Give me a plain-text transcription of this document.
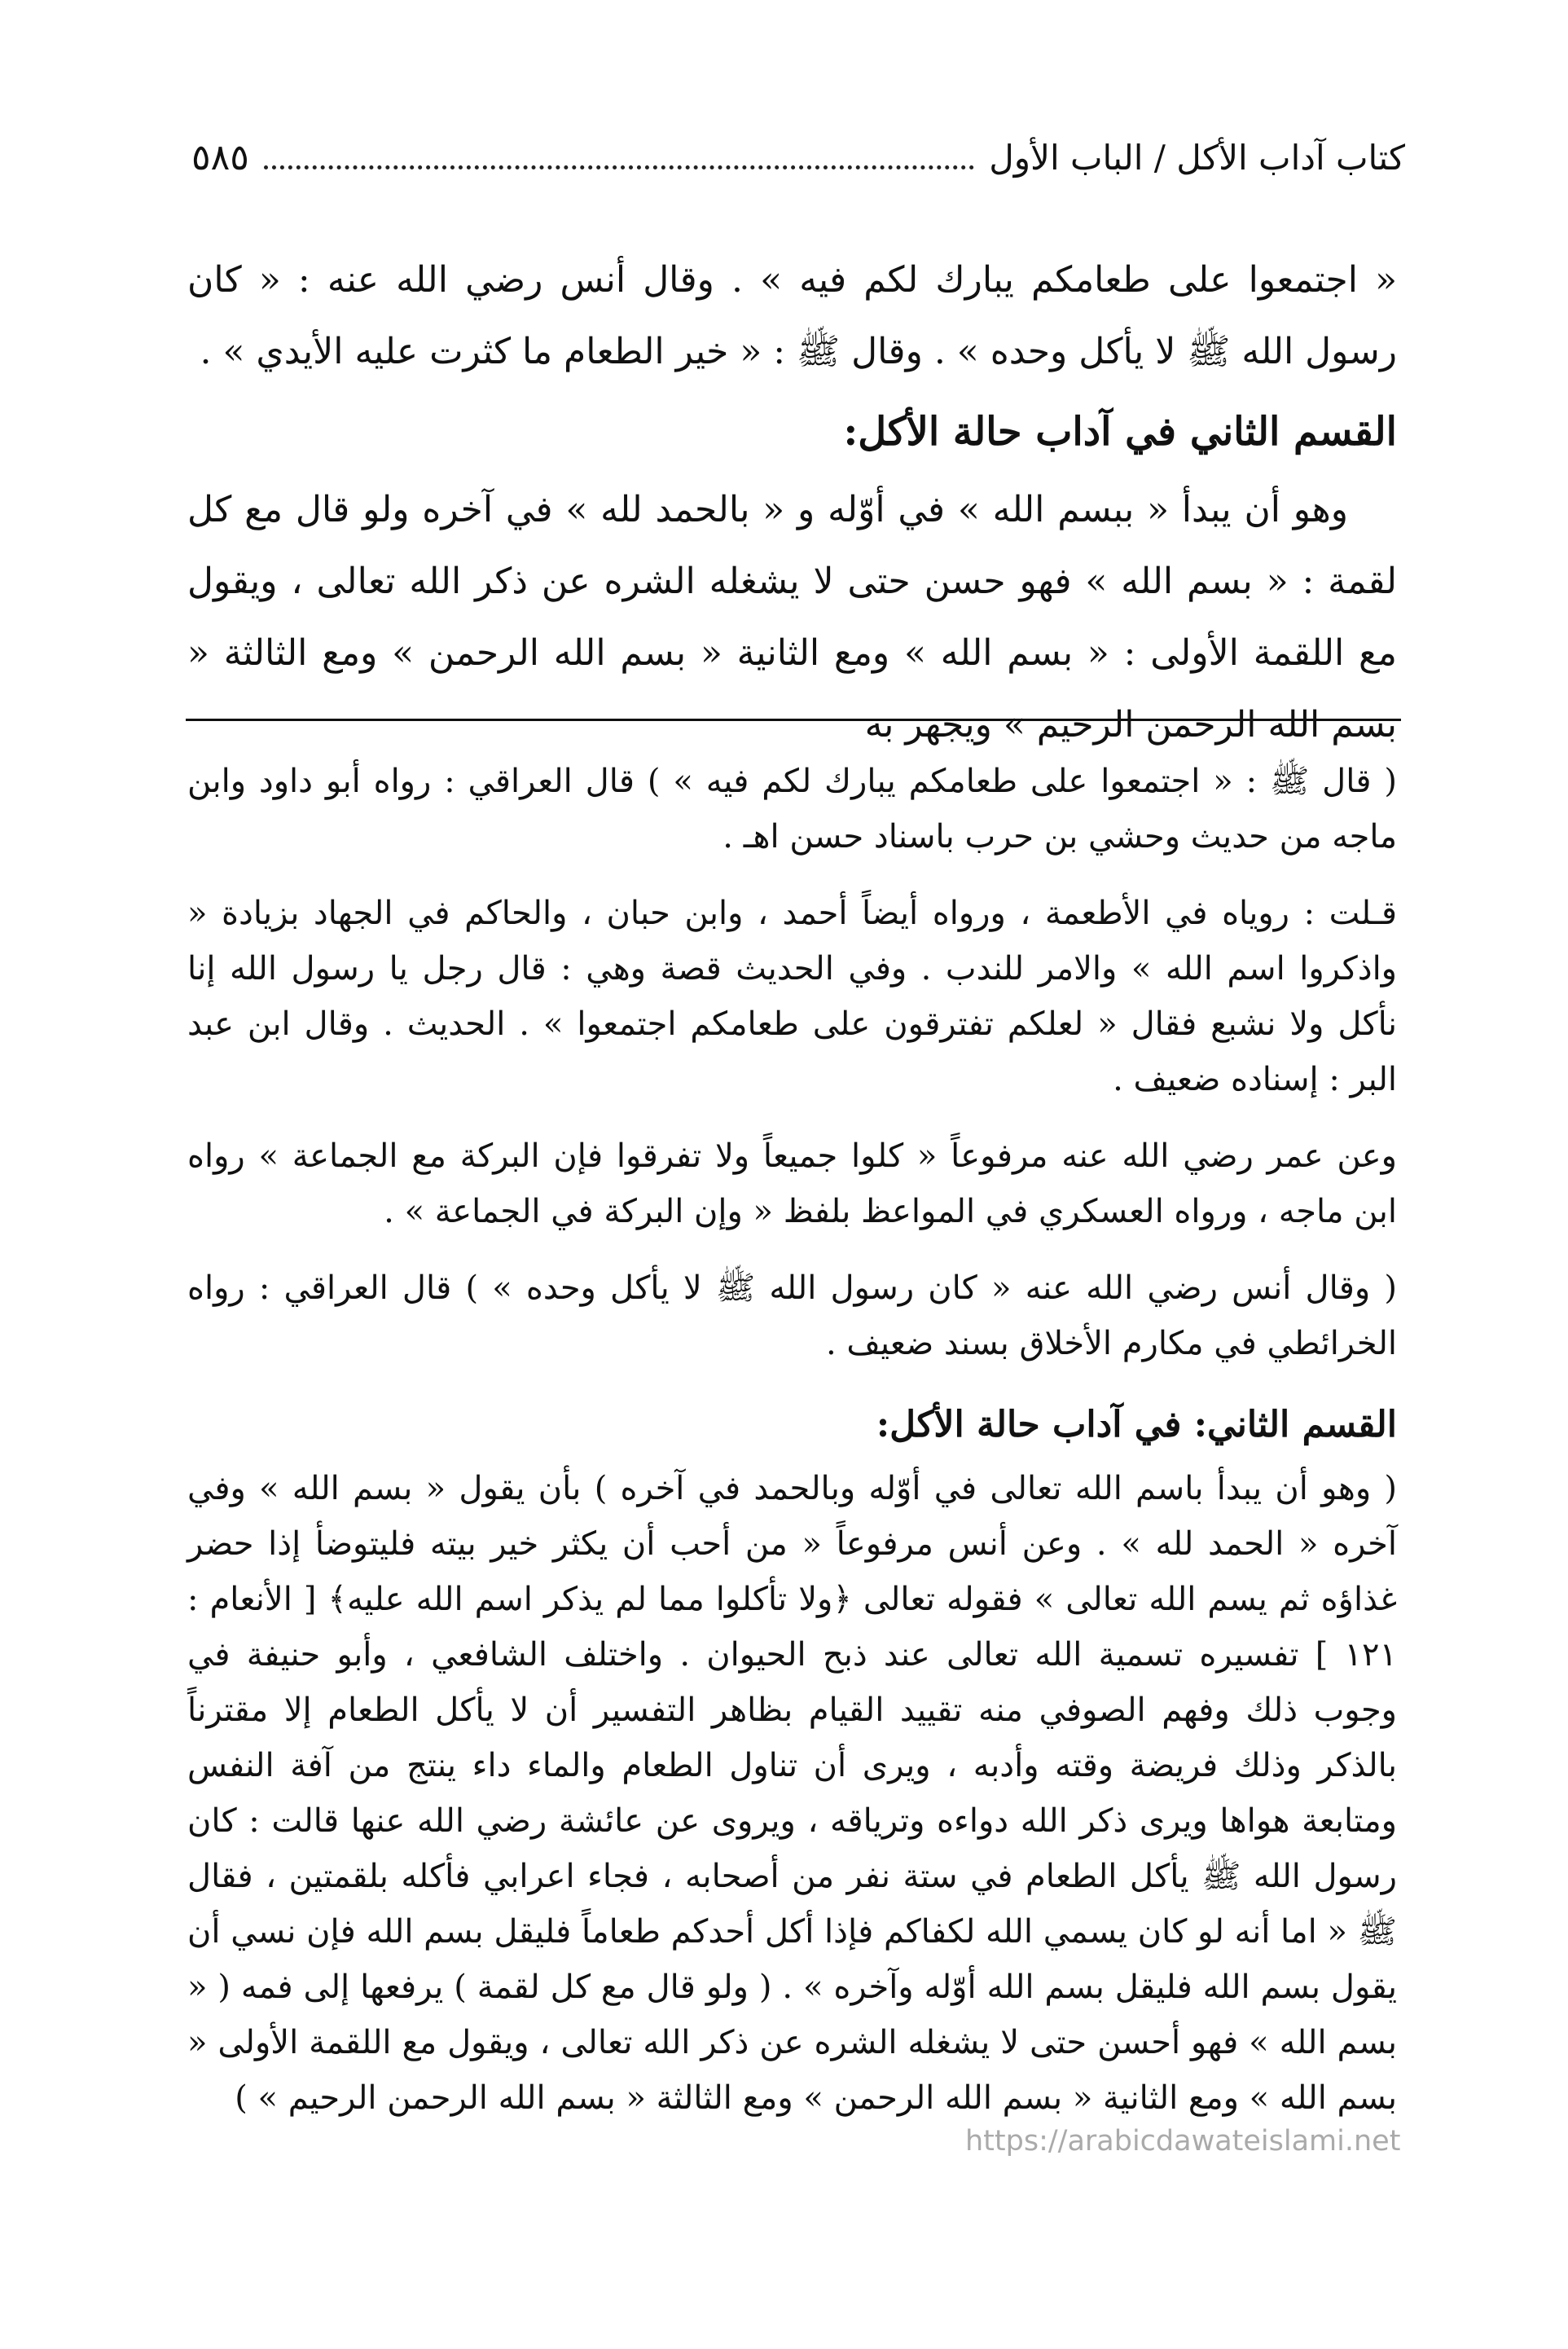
كتاب آداب الأكل / الباب الأول
٥٨٥

« اجتمعوا على طعامكم يبارك لكم فيه » . وقال أنس رضي الله عنه : « كان رسول الله ﷺ لا يأكل وحده » . وقال ﷺ : « خير الطعام ما كثرت عليه الأيدي » .

القسم الثاني في آداب حالة الأكل:

وهو أن يبدأ « ببسم الله » في أوّله و « بالحمد لله » في آخره ولو قال مع كل لقمة : « بسم الله » فهو حسن حتى لا يشغله الشره عن ذكر الله تعالى ، ويقول مع اللقمة الأولى : « بسم الله » ومع الثانية « بسم الله الرحمن » ومع الثالثة « بسم الله الرحمن الرحيم » ويجهر به

( قال ﷺ : « اجتمعوا على طعامكم يبارك لكم فيه » ) قال العراقي : رواه أبو داود وابن ماجه من حديث وحشي بن حرب باسناد حسن اهـ .

قـلت : روياه في الأطعمة ، ورواه أيضاً أحمد ، وابن حبان ، والحاكم في الجهاد بزيادة « واذكروا اسم الله » والامر للندب . وفي الحديث قصة وهي : قال رجل يا رسول الله إنا نأكل ولا نشبع فقال « لعلكم تفترقون على طعامكم اجتمعوا » . الحديث . وقال ابن عبد البر : إسناده ضعيف .

وعن عمر رضي الله عنه مرفوعاً « كلوا جميعاً ولا تفرقوا فإن البركة مع الجماعة » رواه ابن ماجه ، ورواه العسكري في المواعظ بلفظ « وإن البركة في الجماعة » .

( وقال أنس رضي الله عنه « كان رسول الله ﷺ لا يأكل وحده » ) قال العراقي : رواه الخرائطي في مكارم الأخلاق بسند ضعيف .

القسم الثاني: في آداب حالة الأكل:

( وهو أن يبدأ باسم الله تعالى في أوّله وبالحمد في آخره ) بأن يقول « بسم الله » وفي آخره « الحمد لله » . وعن أنس مرفوعاً « من أحب أن يكثر خير بيته فليتوضأ إذا حضر غذاؤه ثم يسم الله تعالى » فقوله تعالى ﴿ولا تأكلوا مما لم يذكر اسم الله عليه﴾ [ الأنعام : ١٢١ ] تفسيره تسمية الله تعالى عند ذبح الحيوان . واختلف الشافعي ، وأبو حنيفة في وجوب ذلك وفهم الصوفي منه تقييد القيام بظاهر التفسير أن لا يأكل الطعام إلا مقترناً بالذكر وذلك فريضة وقته وأدبه ، ويرى أن تناول الطعام والماء داء ينتج من آفة النفس ومتابعة هواها ويرى ذكر الله دواءه وترياقه ، ويروى عن عائشة رضي الله عنها قالت : كان رسول الله ﷺ يأكل الطعام في ستة نفر من أصحابه ، فجاء اعرابي فأكله بلقمتين ، فقال ﷺ « اما أنه لو كان يسمي الله لكفاكم فإذا أكل أحدكم طعاماً فليقل بسم الله فإن نسي أن يقول بسم الله فليقل بسم الله أوّله وآخره » . ( ولو قال مع كل لقمة ) يرفعها إلى فمه ( « بسم الله » فهو أحسن حتى لا يشغله الشره عن ذكر الله تعالى ، ويقول مع اللقمة الأولى « بسم الله » ومع الثانية « بسم الله الرحمن » ومع الثالثة « بسم الله الرحمن الرحيم » )

https://arabicdawateislami.net
